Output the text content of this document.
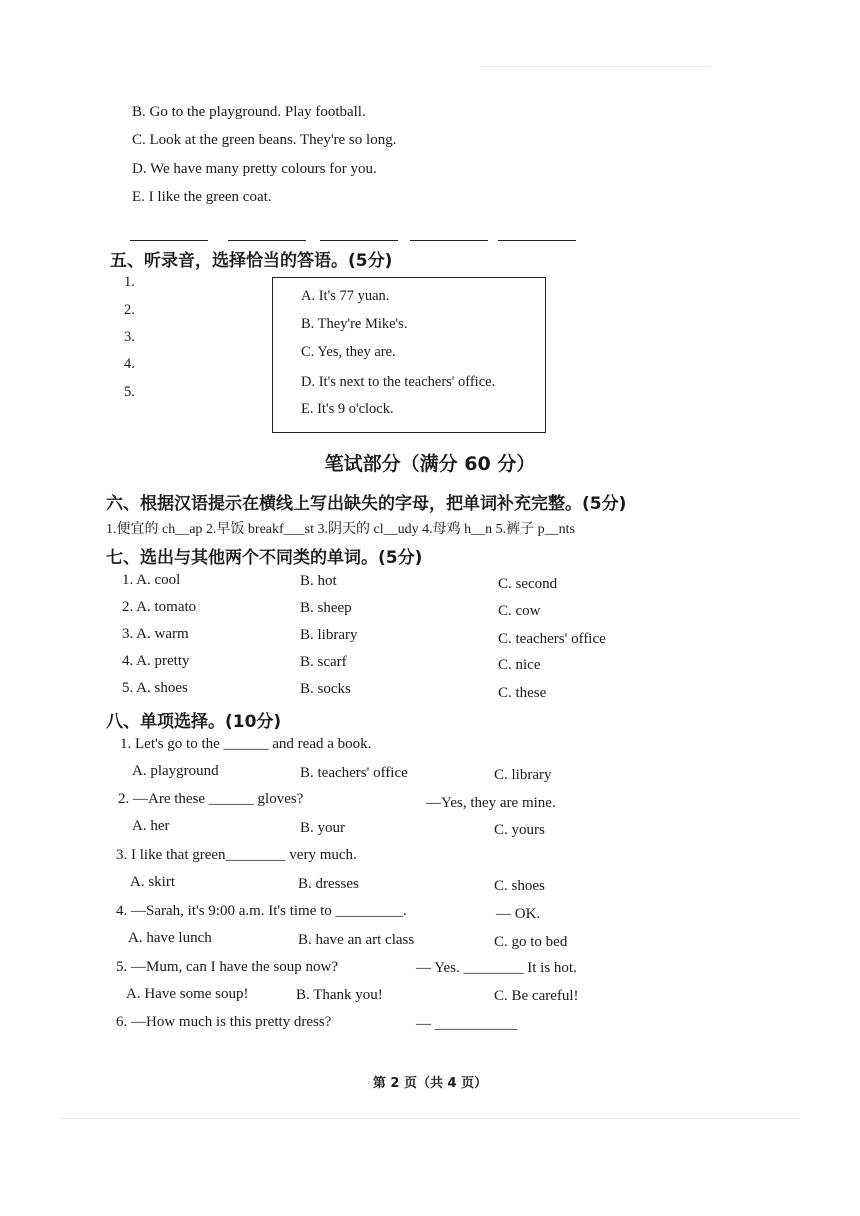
B. Go to the playground. Play football.
C. Look at the green beans. They're so long.
D. We have many pretty colours for you.
E. I like the green coat.
五、听录音，选择恰当的答语。(5分)
1.
2.
3.
4.
5.
A. It's 77 yuan.
B. They're Mike's.
C. Yes, they are.
D. It's next to the teachers' office.
E. It's 9 o'clock.
笔试部分（满分 60 分）
六、根据汉语提示在横线上写出缺失的字母，把单词补充完整。(5分)
1.便宜的 ch__ap 2.早饭 breakf___st 3.阴天的 cl__udy 4.母鸡 h__n 5.裤子 p__nts
七、选出与其他两个不同类的单词。(5分)
1. A. cool	B. hot	C. second
2. A. tomato	B. sheep	C. cow
3. A. warm	B. library	C. teachers' office
4. A. pretty	B. scarf	C. nice
5. A. shoes	B. socks	C. these
八、单项选择。(10分)
1. Let's go to the ______ and read a book.
A. playground	B. teachers' office	C. library
2. —Are these ______ gloves?	—Yes, they are mine.
A. her	B. your	C. yours
3. I like that green________ very much.
A. skirt	B. dresses	C. shoes
4. —Sarah, it's 9:00 a.m. It's time to _________.	— OK.
A. have lunch	B. have an art class	C. go to bed
5. —Mum, can I have the soup now?	— Yes. ________ It is hot.
A. Have some soup!	B. Thank you!	C. Be careful!
6. —How much is this pretty dress?	— ___________
第 2 页（共 4 页）
